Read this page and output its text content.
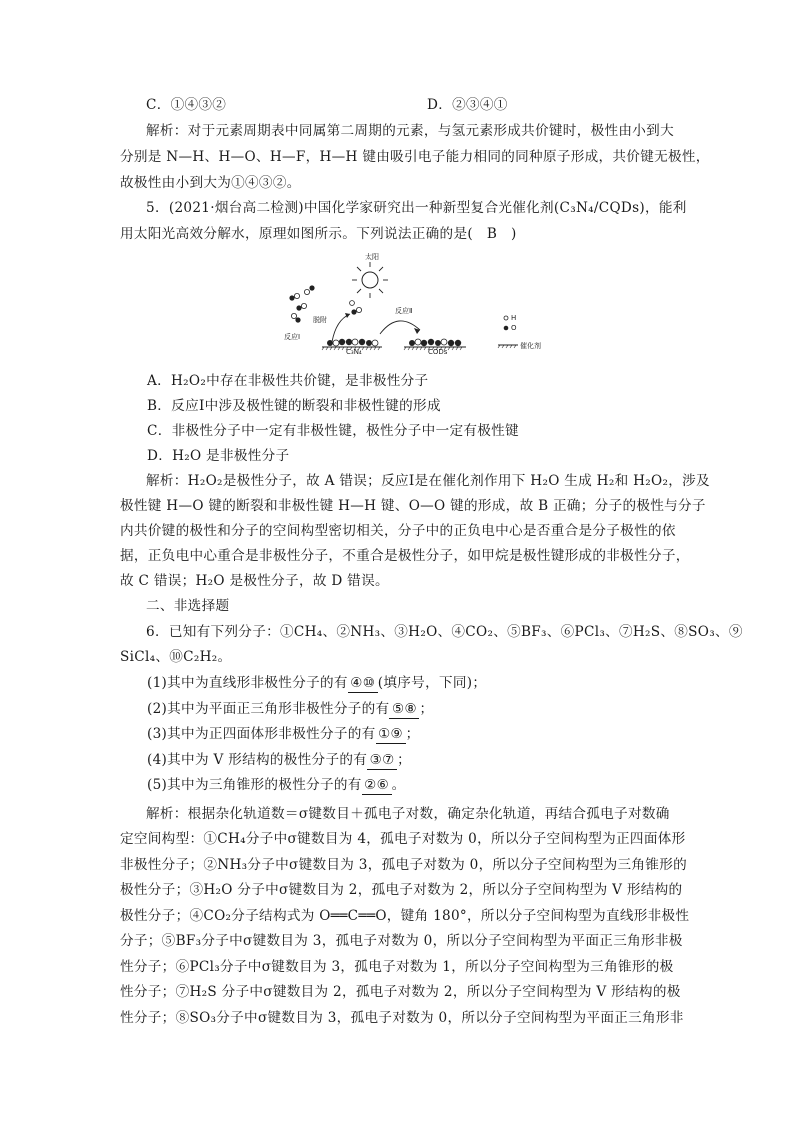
C．①④③②	D．②③④①
解析：对于元素周期表中同属第二周期的元素，与氢元素形成共价键时，极性由小到大
分别是 N—H、H—O、H—F，H—H 键由吸引电子能力相同的同种原子形成，共价键无极性，
故极性由小到大为①④③②。
5．(2021·烟台高二检测)中国化学家研究出一种新型复合光催化剂(C₃N₄/CQDs)，能利
用太阳光高效分解水，原理如图所示。下列说法正确的是(　B　)
太阳
脱附
反应Ⅰ
反应Ⅱ
C₃N₄	CQDs
H
O
催化剂
A．H₂O₂中存在非极性共价键，是非极性分子
B．反应Ⅰ中涉及极性键的断裂和非极性键的形成
C．非极性分子中一定有非极性键，极性分子中一定有极性键
D．H₂O 是非极性分子
解析：H₂O₂是极性分子，故 A 错误；反应Ⅰ是在催化剂作用下 H₂O 生成 H₂和 H₂O₂，涉及
极性键 H—O 键的断裂和非极性键 H—H 键、O—O 键的形成，故 B 正确；分子的极性与分子
内共价键的极性和分子的空间构型密切相关，分子中的正负电中心是否重合是分子极性的依
据，正负电中心重合是非极性分子，不重合是极性分子，如甲烷是极性键形成的非极性分子，
故 C 错误；H₂O 是极性分子，故 D 错误。
二、非选择题
6．已知有下列分子：①CH₄、②NH₃、③H₂O、④CO₂、⑤BF₃、⑥PCl₃、⑦H₂S、⑧SO₃、⑨
SiCl₄、⑩C₂H₂。
(1)其中为直线形非极性分子的有 ④⑩ (填序号，下同)；
(2)其中为平面正三角形非极性分子的有 ⑤⑧ ；
(3)其中为正四面体形非极性分子的有 ①⑨ ；
(4)其中为 V 形结构的极性分子的有 ③⑦ ；
(5)其中为三角锥形的极性分子的有 ②⑥ 。
解析：根据杂化轨道数＝σ键数目＋孤电子对数，确定杂化轨道，再结合孤电子对数确
定空间构型：①CH₄分子中σ键数目为 4，孤电子对数为 0，所以分子空间构型为正四面体形
非极性分子；②NH₃分子中σ键数目为 3，孤电子对数为 0，所以分子空间构型为三角锥形的
极性分子；③H₂O 分子中σ键数目为 2，孤电子对数为 2，所以分子空间构型为 V 形结构的
极性分子；④CO₂分子结构式为 O══C══O，键角 180°，所以分子空间构型为直线形非极性
分子；⑤BF₃分子中σ键数目为 3，孤电子对数为 0，所以分子空间构型为平面正三角形非极
性分子；⑥PCl₃分子中σ键数目为 3，孤电子对数为 1，所以分子空间构型为三角锥形的极
性分子；⑦H₂S 分子中σ键数目为 2，孤电子对数为 2，所以分子空间构型为 V 形结构的极
性分子；⑧SO₃分子中σ键数目为 3，孤电子对数为 0，所以分子空间构型为平面正三角形非
